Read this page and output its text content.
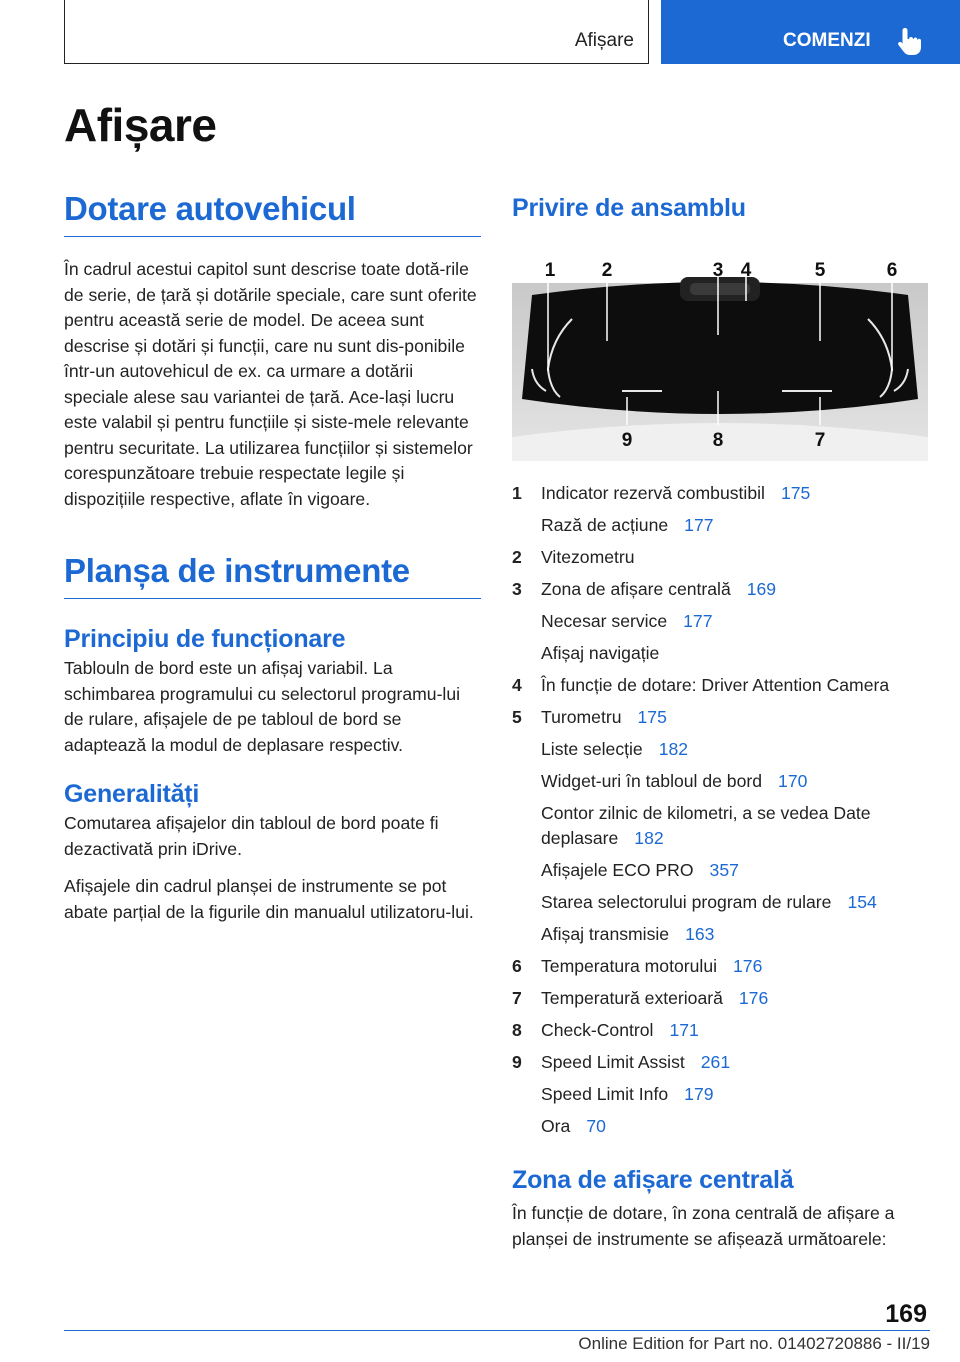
Afișare	COMENZI
Afișare
Dotare autovehicul

În cadrul acestui capitol sunt descrise toate dotă-rile de serie, de țară și dotările speciale, care sunt oferite pentru această serie de model. De aceea sunt descrise și dotări și funcții, care nu sunt dis-ponibile într-un autovehicul de ex. ca urmare a dotării speciale alese sau variantei de țară. Ace-lași lucru este valabil și pentru funcțiile și siste-mele relevante pentru securitate. La utilizarea funcțiilor și sistemelor corespunzătoare trebuie respectate legile și dispozițiile respective, aflate în vigoare.

Planșa de instrumente
Principiu de funcționare

Tablouln de bord este un afișaj variabil. La schimbarea programului cu selectorul programu-lui de rulare, afișajele de pe tabloul de bord se adaptează la modul de deplasare respectiv.

Generalități

Comutarea afișajelor din tabloul de bord poate fi dezactivată prin iDrive.

Afișajele din cadrul planșei de instrumente se pot abate parțial de la figurile din manualul utilizatoru-lui.

Privire de ansamblu
1 2	3 4	5	6
9	8	7
1	Indicator rezervă combustibil 175
Rază de acțiune 177
2	Vitezometru
3	Zona de afișare centrală 169
Necesar service 177
Afișaj navigație
4	În funcție de dotare: Driver Attention Camera
5	Turometru 175
Liste selecție 182
Widget-uri în tabloul de bord 170
Contor zilnic de kilometri, a se vedea Date deplasare 182
Afișajele ECO PRO 357
Starea selectorului program de rulare 154
Afișaj transmisie 163
6	Temperatura motorului 176
7	Temperatură exterioară 176
8	Check-Control 171
9	Speed Limit Assist 261
Speed Limit Info 179
Ora 70
Zona de afișare centrală

În funcție de dotare, în zona centrală de afișare a planșei de instrumente se afișează următoarele:

169
Online Edition for Part no. 01402720886 - II/19
